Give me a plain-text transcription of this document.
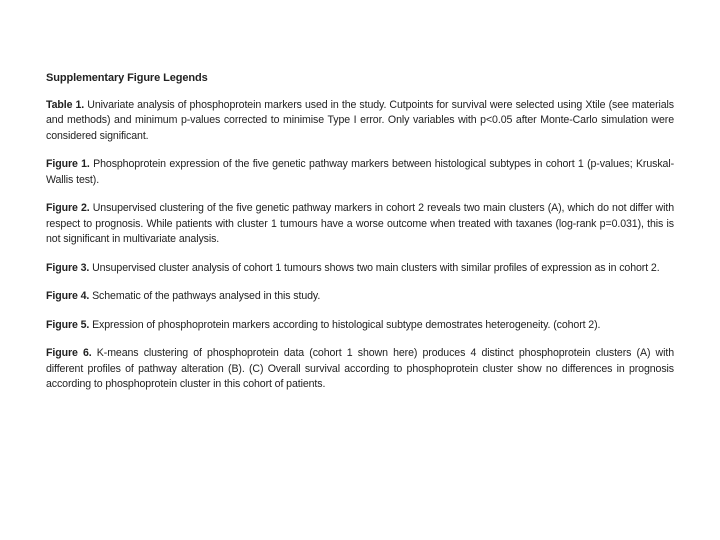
Supplementary Figure Legends

Table 1. Univariate analysis of phosphoprotein markers used in the study. Cutpoints for survival were selected using Xtile (see materials and methods) and minimum p-values corrected to minimise Type I error. Only variables with p<0.05 after Monte-Carlo simulation were considered significant.

Figure 1. Phosphoprotein expression of the five genetic pathway markers between histological subtypes in cohort 1 (p-values; Kruskal-Wallis test).

Figure 2. Unsupervised clustering of the five genetic pathway markers in cohort 2 reveals two main clusters (A), which do not differ with respect to prognosis. While patients with cluster 1 tumours have a worse outcome when treated with taxanes (log-rank p=0.031), this is not significant in multivariate analysis.

Figure 3. Unsupervised cluster analysis of cohort 1 tumours shows two main clusters with similar profiles of expression as in cohort 2.

Figure 4. Schematic of the pathways analysed in this study.

Figure 5. Expression of phosphoprotein markers according to histological subtype demostrates heterogeneity. (cohort 2).

Figure 6. K-means clustering of phosphoprotein data (cohort 1 shown here) produces 4 distinct phosphoprotein clusters (A) with different profiles of pathway alteration (B). (C) Overall survival according to phosphoprotein cluster show no differences in prognosis according to phosphoprotein cluster in this cohort of patients.
